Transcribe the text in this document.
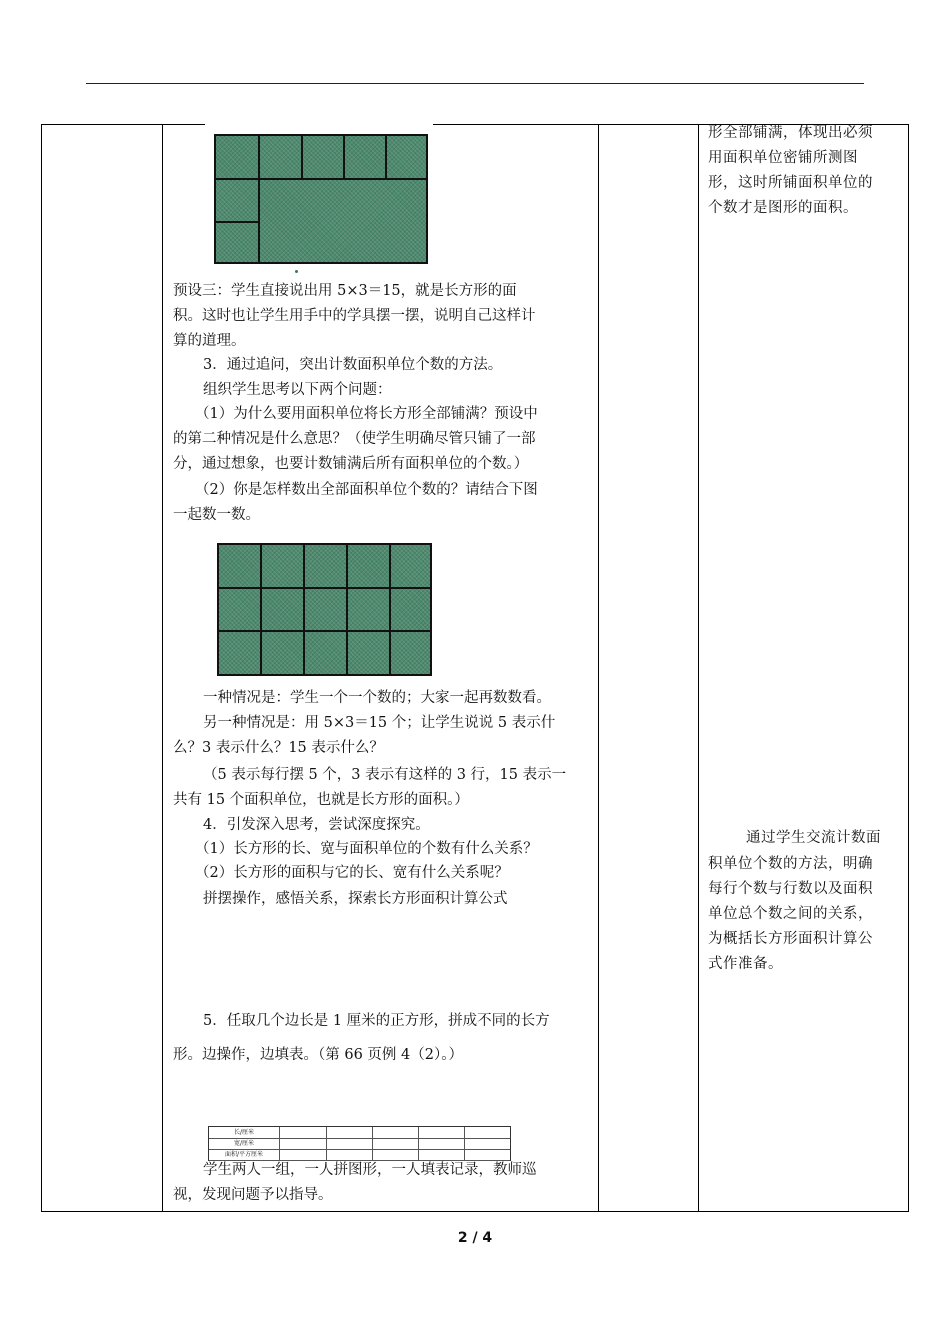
预设三：学生直接说出用 5×3＝15，就是长方形的面

积。这时也让学生用手中的学具摆一摆，说明自己这样计

算的道理。

3．通过追问，突出计数面积单位个数的方法。

组织学生思考以下两个问题：

（1）为什么要用面积单位将长方形全部铺满？预设中

的第二种情况是什么意思？（使学生明确尽管只铺了一部

分，通过想象，也要计数铺满后所有面积单位的个数。）

（2）你是怎样数出全部面积单位个数的？请结合下图

一起数一数。

一种情况是：学生一个一个数的；大家一起再数数看。

另一种情况是：用 5×3＝15 个；让学生说说 5 表示什

么？3 表示什么？15 表示什么？

（5 表示每行摆 5 个，3 表示有这样的 3 行，15 表示一

共有 15 个面积单位，也就是长方形的面积。）

4．引发深入思考，尝试深度探究。

（1）长方形的长、宽与面积单位的个数有什么关系？

（2）长方形的面积与它的长、宽有什么关系呢？

拼摆操作，感悟关系，探索长方形面积计算公式

5．任取几个边长是 1 厘米的正方形，拼成不同的长方

形。边操作，边填表。（第 66 页例 4（2）。）

长/厘米
宽/厘米
面积/平方厘米

学生两人一组，一人拼图形，一人填表记录，教师巡

视，发现问题予以指导。

形全部铺满，体现出必须

用面积单位密铺所测图

形，这时所铺面积单位的

个数才是图形的面积。

通过学生交流计数面

积单位个数的方法，明确

每行个数与行数以及面积

单位总个数之间的关系，

为概括长方形面积计算公

式作准备。

2 / 4
